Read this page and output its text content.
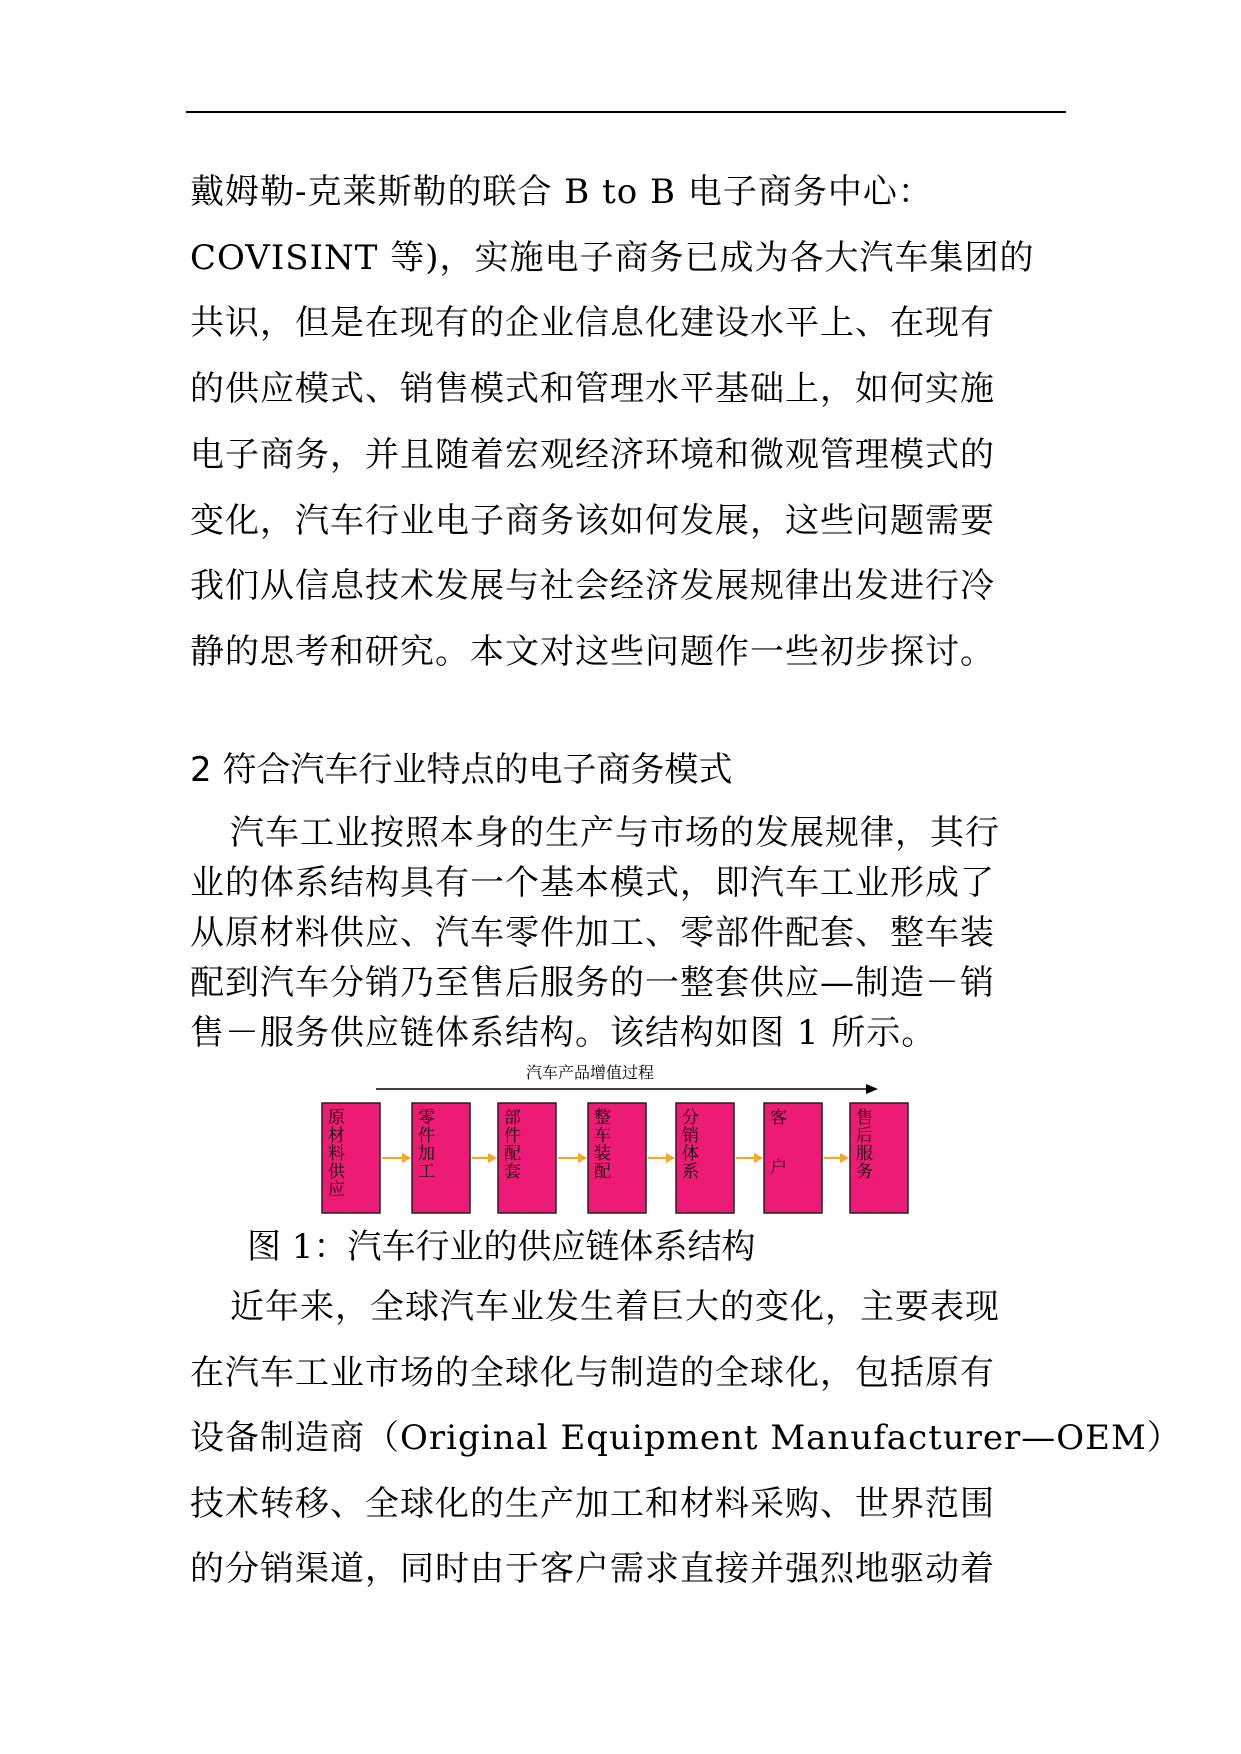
戴姆勒-克莱斯勒的联合 B to B 电子商务中心：
COVISINT 等)，实施电子商务已成为各大汽车集团的
共识，但是在现有的企业信息化建设水平上、在现有
的供应模式、销售模式和管理水平基础上，如何实施
电子商务，并且随着宏观经济环境和微观管理模式的
变化，汽车行业电子商务该如何发展，这些问题需要
我们从信息技术发展与社会经济发展规律出发进行冷
静的思考和研究。本文对这些问题作一些初步探讨。

2 符合汽车行业特点的电子商务模式

汽车工业按照本身的生产与市场的发展规律，其行
业的体系结构具有一个基本模式，即汽车工业形成了
从原材料供应、汽车零件加工、零部件配套、整车装
配到汽车分销乃至售后服务的一整套供应—制造－销
售－服务供应链体系结构。该结构如图 1 所示。

汽车产品增值过程
原材料供应
零件加工
部件配套
整车装配
分销体系
客户
售后服务

图 1：汽车行业的供应链体系结构

近年来，全球汽车业发生着巨大的变化，主要表现
在汽车工业市场的全球化与制造的全球化，包括原有
设备制造商（Original Equipment Manufacturer—OEM）
技术转移、全球化的生产加工和材料采购、世界范围
的分销渠道，同时由于客户需求直接并强烈地驱动着
